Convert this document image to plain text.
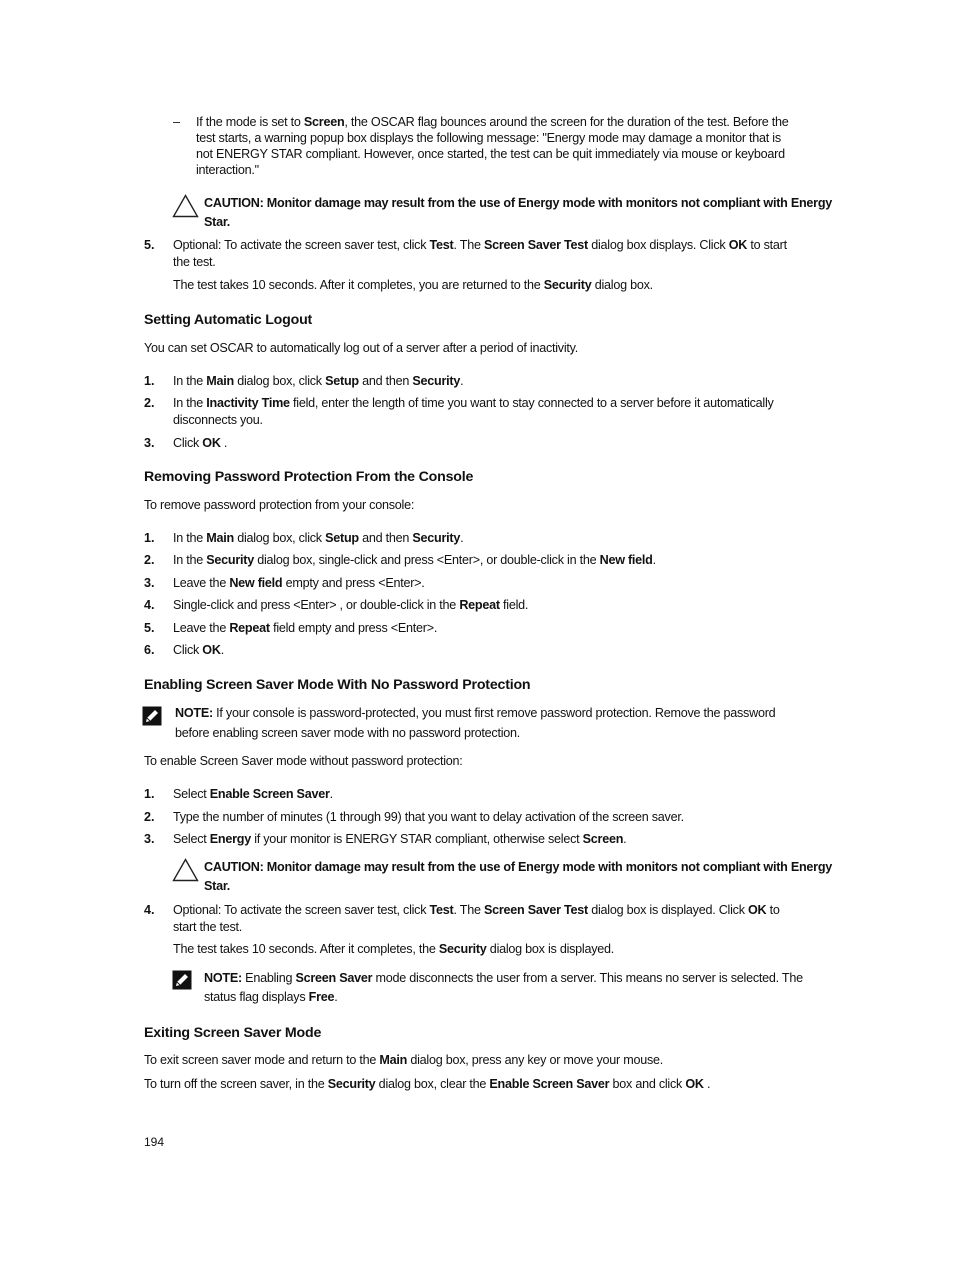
– If the mode is set to Screen, the OSCAR flag bounces around the screen for the duration of the test. Before the
test starts, a warning popup box displays the following message: "Energy mode may damage a monitor that is
not ENERGY STAR compliant. However, once started, the test can be quit immediately via mouse or keyboard
interaction."
CAUTION: Monitor damage may result from the use of Energy mode with monitors not compliant with Energy
Star.
5. Optional: To activate the screen saver test, click Test. The Screen Saver Test dialog box displays. Click OK to start
the test.
The test takes 10 seconds. After it completes, you are returned to the Security dialog box.
Setting Automatic Logout
You can set OSCAR to automatically log out of a server after a period of inactivity.
1. In the Main dialog box, click Setup and then Security.
2. In the Inactivity Time field, enter the length of time you want to stay connected to a server before it automatically
disconnects you.
3. Click OK .
Removing Password Protection From the Console
To remove password protection from your console:
1. In the Main dialog box, click Setup and then Security.
2. In the Security dialog box, single-click and press <Enter>, or double-click in the New field.
3. Leave the New field empty and press <Enter>.
4. Single-click and press <Enter> , or double-click in the Repeat field.
5. Leave the Repeat field empty and press <Enter>.
6. Click OK.
Enabling Screen Saver Mode With No Password Protection
NOTE: If your console is password-protected, you must first remove password protection. Remove the password
before enabling screen saver mode with no password protection.
To enable Screen Saver mode without password protection:
1. Select Enable Screen Saver.
2. Type the number of minutes (1 through 99) that you want to delay activation of the screen saver.
3. Select Energy if your monitor is ENERGY STAR compliant, otherwise select Screen.
CAUTION: Monitor damage may result from the use of Energy mode with monitors not compliant with Energy
Star.
4. Optional: To activate the screen saver test, click Test. The Screen Saver Test dialog box is displayed. Click OK to
start the test.
The test takes 10 seconds. After it completes, the Security dialog box is displayed.
NOTE: Enabling Screen Saver mode disconnects the user from a server. This means no server is selected. The
status flag displays Free.
Exiting Screen Saver Mode
To exit screen saver mode and return to the Main dialog box, press any key or move your mouse.
To turn off the screen saver, in the Security dialog box, clear the Enable Screen Saver box and click OK .
194
